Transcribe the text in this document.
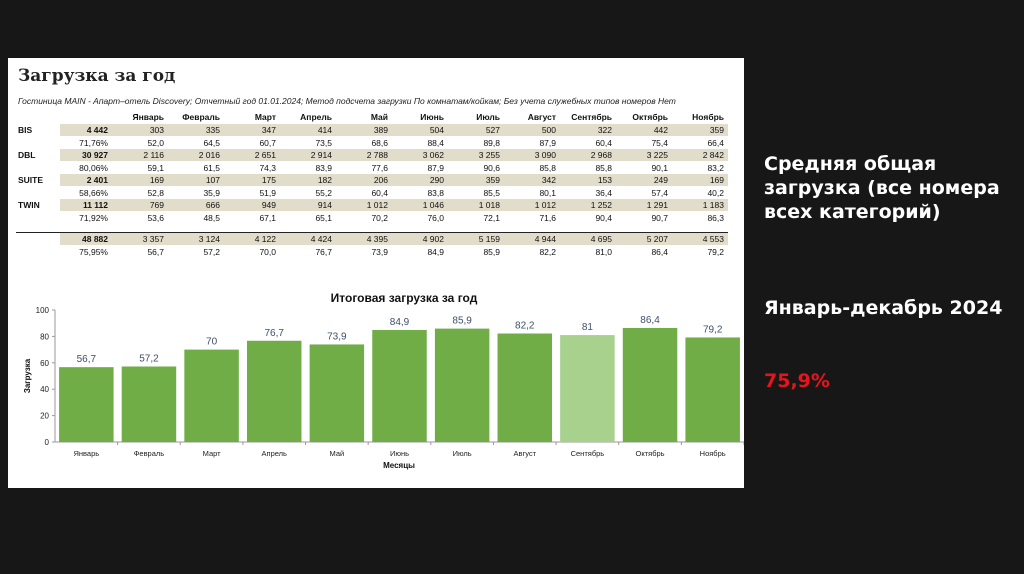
Загрузка за год
Гостиница MAIN - Апарт–отель Discovery; Отчетный год 01.01.2024; Метод подсчета загрузки По комнатам/койкам; Без учета служебных типов номеров Нет
		Январь	Февраль	Март	Апрель	Май	Июнь	Июль	Август	Сентябрь	Октябрь	Ноябрь
BIS	4 442	303	335	347	414	389	504	527	500	322	442	359
	71,76%	52,0	64,5	60,7	73,5	68,6	88,4	89,8	87,9	60,4	75,4	66,4
DBL	30 927	2 116	2 016	2 651	2 914	2 788	3 062	3 255	3 090	2 968	3 225	2 842
	80,06%	59,1	61,5	74,3	83,9	77,6	87,9	90,6	85,8	85,8	90,1	83,2
SUITE	2 401	169	107	175	182	206	290	359	342	153	249	169
	58,66%	52,8	35,9	51,9	55,2	60,4	83,8	85,5	80,1	36,4	57,4	40,2
TWIN	11 112	769	666	949	914	1 012	1 046	1 018	1 012	1 252	1 291	1 183
	71,92%	53,6	48,5	67,1	65,1	70,2	76,0	72,1	71,6	90,4	90,7	86,3

	48 882	3 357	3 124	4 122	4 424	4 395	4 902	5 159	4 944	4 695	5 207	4 553
	75,95%	56,7	57,2	70,0	76,7	73,9	84,9	85,9	82,2	81,0	86,4	79,2
Итоговая загрузка за год
0
20
40
60
80
100
Загрузка	56,7
Январь
57,2
Февраль
70
Март
76,7
Апрель
73,9
Май
84,9
Июнь
85,9
Июль
82,2
Август
81
Сентябрь
86,4
Октябрь
79,2
Ноябрь
Месяцы
Средняя общая загрузка (все номера всех категорий)
Январь-декабрь 2024
75,9%
